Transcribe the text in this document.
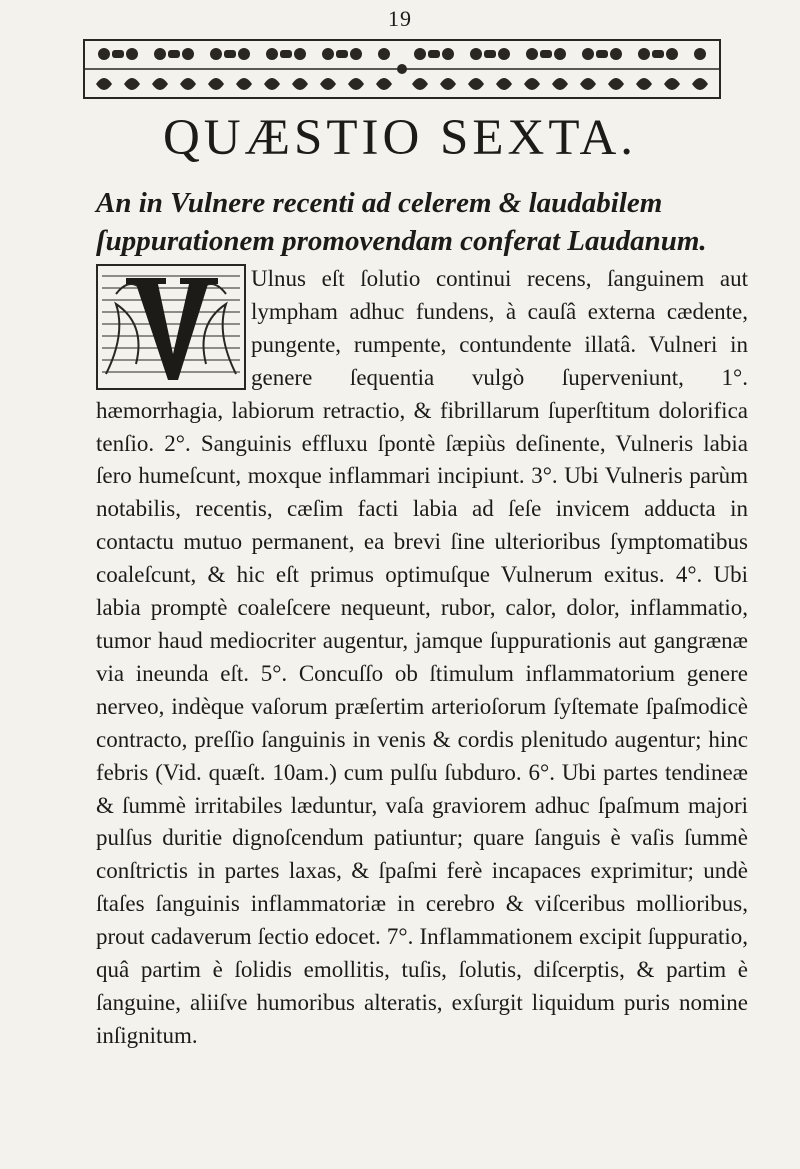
19
QUÆSTIO SEXTA.
An in Vulnere recenti ad celerem & laudabilem ſuppurationem promovendam conferat Laudanum.

Ulnus eſt ſolutio continui recens, ſanguinem aut lympham adhuc fundens, à cauſâ externa cædente, pungente, rumpente, contundente illatâ. Vulneri in genere ſequentia vulgò ſuperveniunt, 1°. hæmorrhagia, labiorum retractio, & fibrillarum ſuperſtitum dolorifica tenſio. 2°. Sanguinis effluxu ſpontè ſæpiùs deſinente, Vulneris labia ſero humeſcunt, moxque inflammari incipiunt. 3°. Ubi Vulneris parùm notabilis, recentis, cæſim facti labia ad ſeſe invicem adducta in contactu mutuo permanent, ea brevi ſine ulterioribus ſymptomatibus coaleſcunt, & hic eſt primus optimuſque Vulnerum exitus. 4°. Ubi labia promptè coaleſcere nequeunt, rubor, calor, dolor, inflammatio, tumor haud mediocriter augentur, jamque ſuppurationis aut gangrænæ via ineunda eſt. 5°. Concuſſo ob ſtimulum inflammatorium genere nerveo, indèque vaſorum præſertim arterioſorum ſyſtemate ſpaſmodicè contracto, preſſio ſanguinis in venis & cordis plenitudo augentur; hinc febris (Vid. quæſt. 10am.) cum pulſu ſubduro. 6°. Ubi partes tendineæ & ſummè irritabiles læduntur, vaſa graviorem adhuc ſpaſmum majori pulſus duritie dignoſcendum patiuntur; quare ſanguis è vaſis ſummè conſtrictis in partes laxas, & ſpaſmi ferè incapaces exprimitur; undè ſtaſes ſanguinis inflammatoriæ in cerebro & viſceribus mollioribus, prout cadaverum ſectio edocet. 7°. Inflammationem excipit ſuppuratio, quâ partim è ſolidis emollitis, tuſis, ſolutis, diſcerptis, & partim è ſanguine, aliiſve humoribus alteratis, exſurgit liquidum puris nomine inſignitum.
